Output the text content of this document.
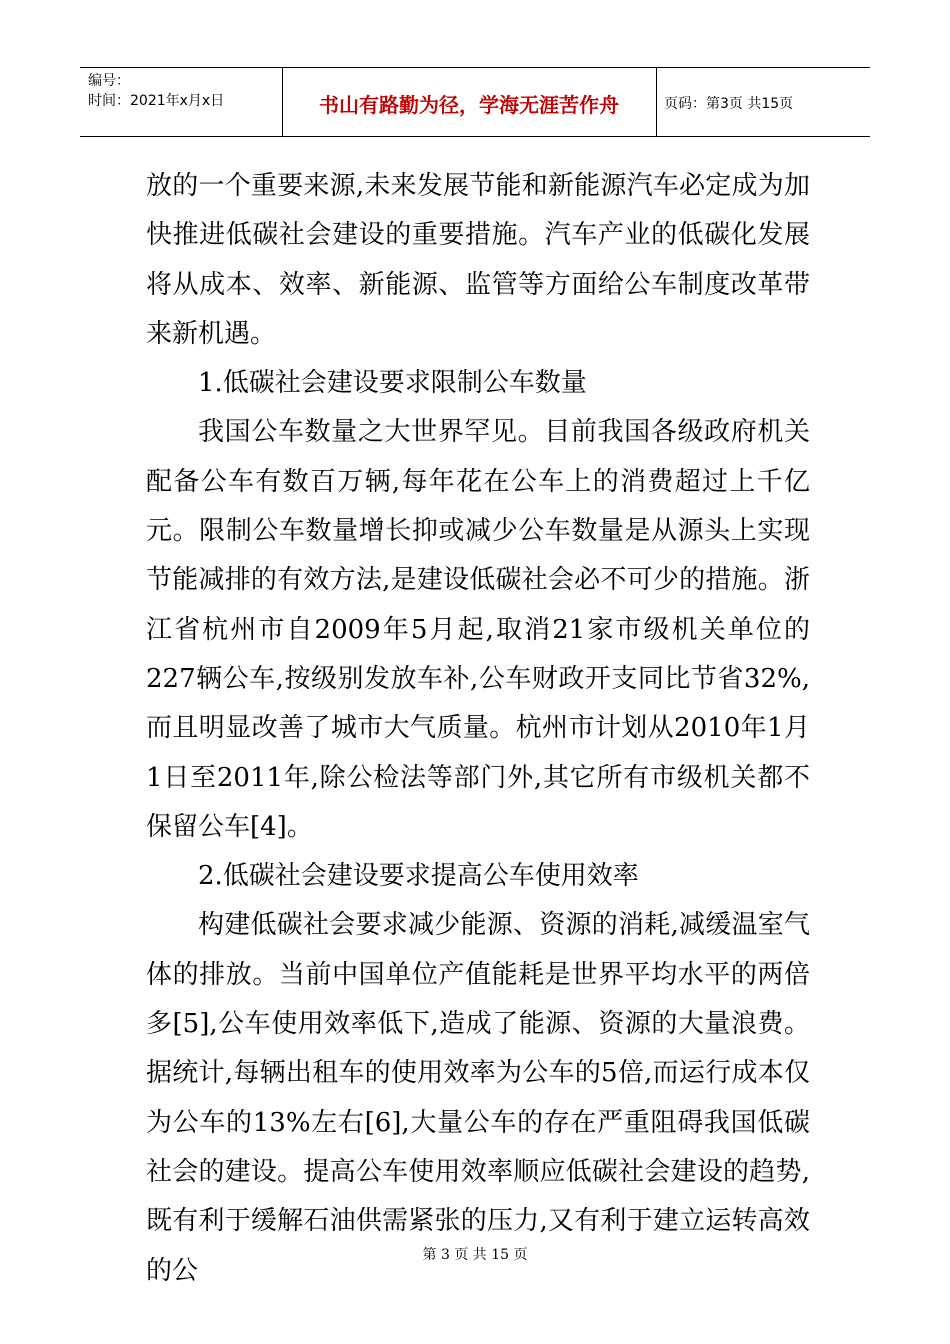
编号：
时间：2021年x月x日	书山有路勤为径，学海无涯苦作舟	页码：第3页 共15页

放的一个重要来源,未来发展节能和新能源汽车必定成为加快推进低碳社会建设的重要措施。汽车产业的低碳化发展将从成本、效率、新能源、监管等方面给公车制度改革带来新机遇。

1.低碳社会建设要求限制公车数量

我国公车数量之大世界罕见。目前我国各级政府机关配备公车有数百万辆,每年花在公车上的消费超过上千亿元。限制公车数量增长抑或减少公车数量是从源头上实现节能减排的有效方法,是建设低碳社会必不可少的措施。浙江省杭州市自2009年5月起,取消21家市级机关单位的227辆公车,按级别发放车补,公车财政开支同比节省32%,而且明显改善了城市大气质量。杭州市计划从2010年1月1日至2011年,除公检法等部门外,其它所有市级机关都不保留公车[4]。

2.低碳社会建设要求提高公车使用效率

构建低碳社会要求减少能源、资源的消耗,减缓温室气体的排放。当前中国单位产值能耗是世界平均水平的两倍多[5],公车使用效率低下,造成了能源、资源的大量浪费。据统计,每辆出租车的使用效率为公车的5倍,而运行成本仅为公车的13%左右[6],大量公车的存在严重阻碍我国低碳社会的建设。提高公车使用效率顺应低碳社会建设的趋势,既有利于缓解石油供需紧张的压力,又有利于建立运转高效的公

第 3 页 共 15 页
